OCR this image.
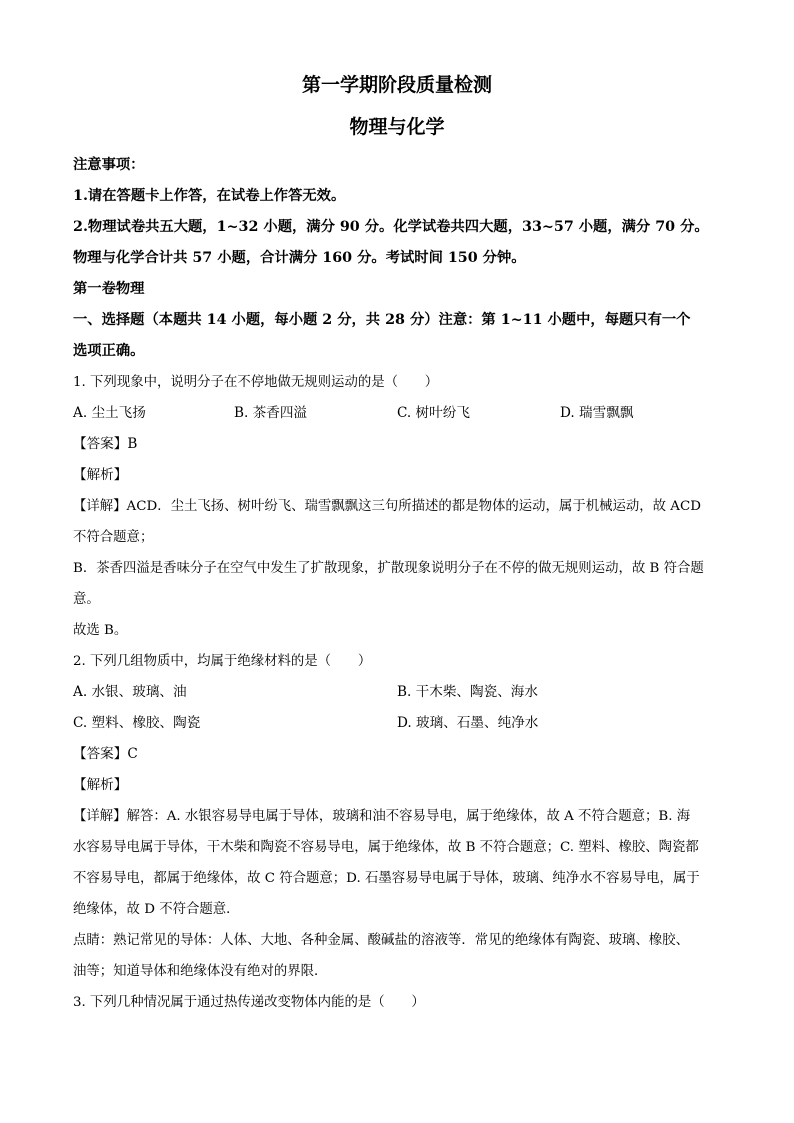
第一学期阶段质量检测
物理与化学
注意事项：
1.请在答题卡上作答，在试卷上作答无效。
2.物理试卷共五大题，1~32 小题，满分 90 分。化学试卷共四大题，33~57 小题，满分 70 分。
物理与化学合计共 57 小题，合计满分 160 分。考试时间 150 分钟。
第一卷物理
一、选择题（本题共 14 小题，每小题 2 分，共 28 分）注意：第 1~11 小题中，每题只有一个
选项正确。
1. 下列现象中，说明分子在不停地做无规则运动的是（　　）
A. 尘土飞扬	B. 茶香四溢	C. 树叶纷飞	D. 瑞雪飘飘
【答案】B
【解析】
【详解】ACD．尘土飞扬、树叶纷飞、瑞雪飘飘这三句所描述的都是物体的运动，属于机械运动，故 ACD
不符合题意；
B．茶香四溢是香味分子在空气中发生了扩散现象，扩散现象说明分子在不停的做无规则运动，故 B 符合题
意。
故选 B。
2. 下列几组物质中，均属于绝缘材料的是（　　）
A. 水银、玻璃、油	B. 干木柴、陶瓷、海水
C. 塑料、橡胶、陶瓷	D. 玻璃、石墨、纯净水
【答案】C
【解析】
【详解】解答：A. 水银容易导电属于导体，玻璃和油不容易导电，属于绝缘体，故 A 不符合题意；B. 海
水容易导电属于导体，干木柴和陶瓷不容易导电，属于绝缘体，故 B 不符合题意；C. 塑料、橡胶、陶瓷都
不容易导电，都属于绝缘体，故 C 符合题意；D. 石墨容易导电属于导体，玻璃、纯净水不容易导电，属于
绝缘体，故 D 不符合题意．
点睛：熟记常见的导体：人体、大地、各种金属、酸碱盐的溶液等．常见的绝缘体有陶瓷、玻璃、橡胶、
油等；知道导体和绝缘体没有绝对的界限．
3. 下列几种情况属于通过热传递改变物体内能的是（　　）
